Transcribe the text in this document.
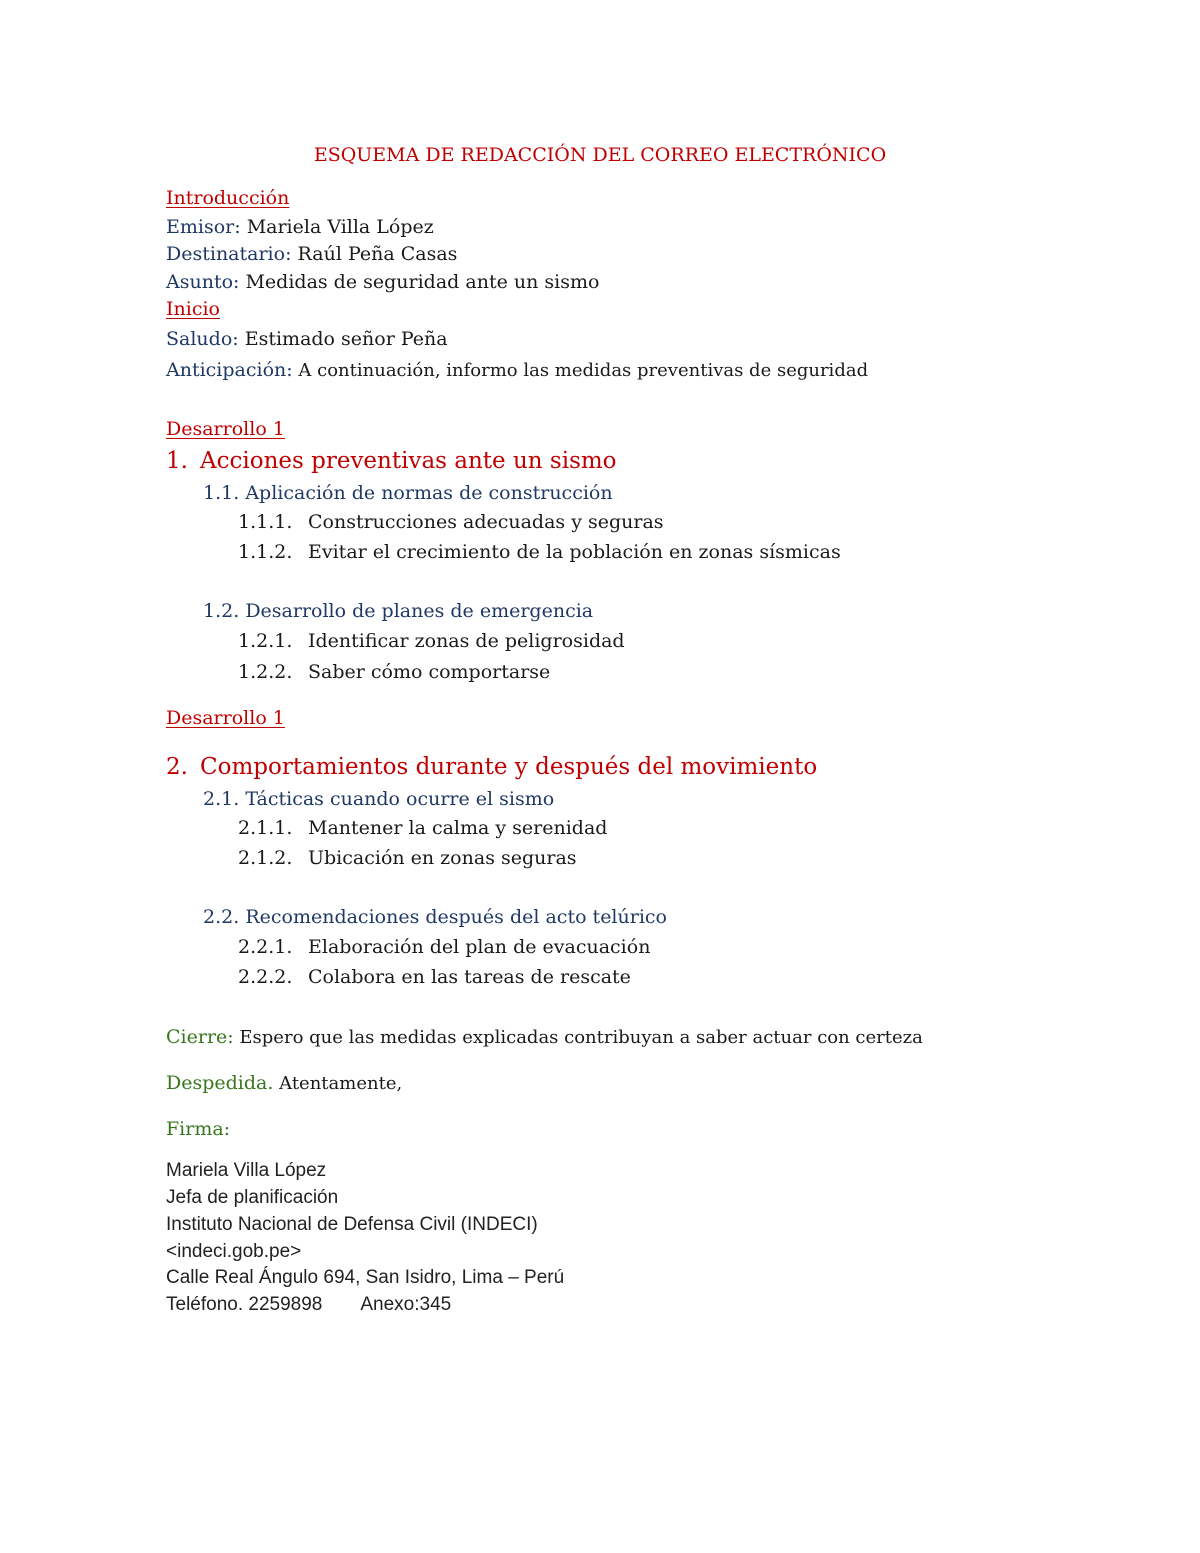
ESQUEMA DE REDACCIÓN DEL CORREO ELECTRÓNICO
Introducción
Emisor: Mariela Villa López
Destinatario: Raúl Peña Casas
Asunto: Medidas de seguridad ante un sismo
Inicio
Saludo: Estimado señor Peña
Anticipación: A continuación, informo las medidas preventivas de seguridad
Desarrollo 1
1. Acciones preventivas ante un sismo
1.1. Aplicación de normas de construcción
1.1.1. Construcciones adecuadas y seguras
1.1.2. Evitar el crecimiento de la población en zonas sísmicas
1.2. Desarrollo de planes de emergencia
1.2.1. Identificar zonas de peligrosidad
1.2.2. Saber cómo comportarse
Desarrollo 1
2. Comportamientos durante y después del movimiento
2.1. Tácticas cuando ocurre el sismo
2.1.1. Mantener la calma y serenidad
2.1.2. Ubicación en zonas seguras
2.2. Recomendaciones después del acto telúrico
2.2.1. Elaboración del plan de evacuación
2.2.2. Colabora en las tareas de rescate
Cierre: Espero que las medidas explicadas contribuyan a saber actuar con certeza
Despedida. Atentamente,
Firma:
Mariela Villa López
Jefa de planificación
Instituto Nacional de Defensa Civil (INDECI)
<indeci.gob.pe>
Calle Real Ángulo 694, San Isidro, Lima – Perú
Teléfono. 2259898 Anexo:345
